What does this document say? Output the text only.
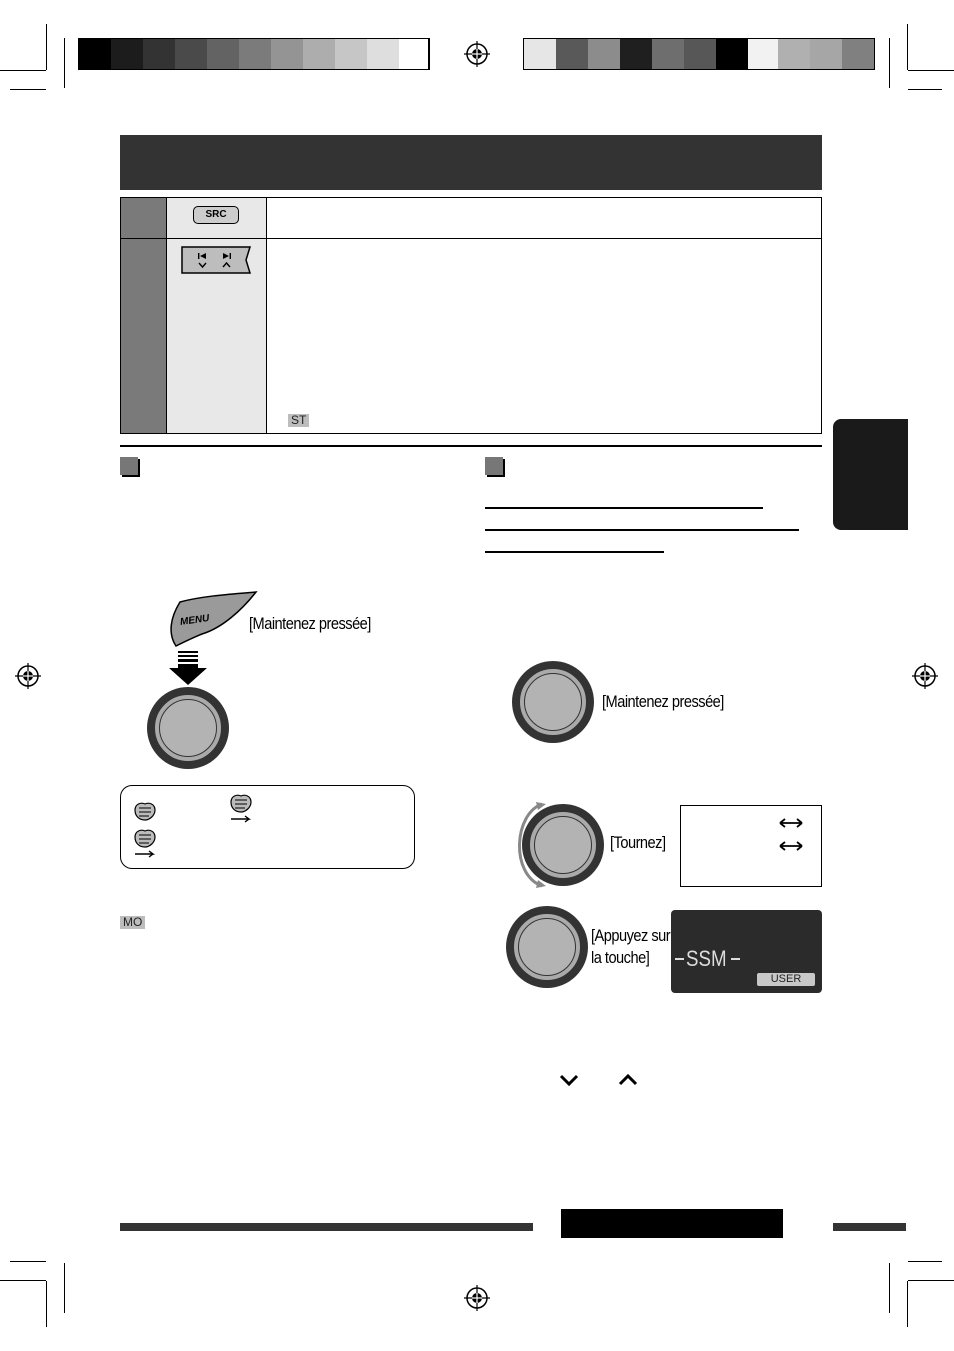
SRC
ST
MENU [Maintenez pressée]
MO
[Maintenez pressée]
[Tournez]
[Appuyez sur
la touche]	SSM
USER
